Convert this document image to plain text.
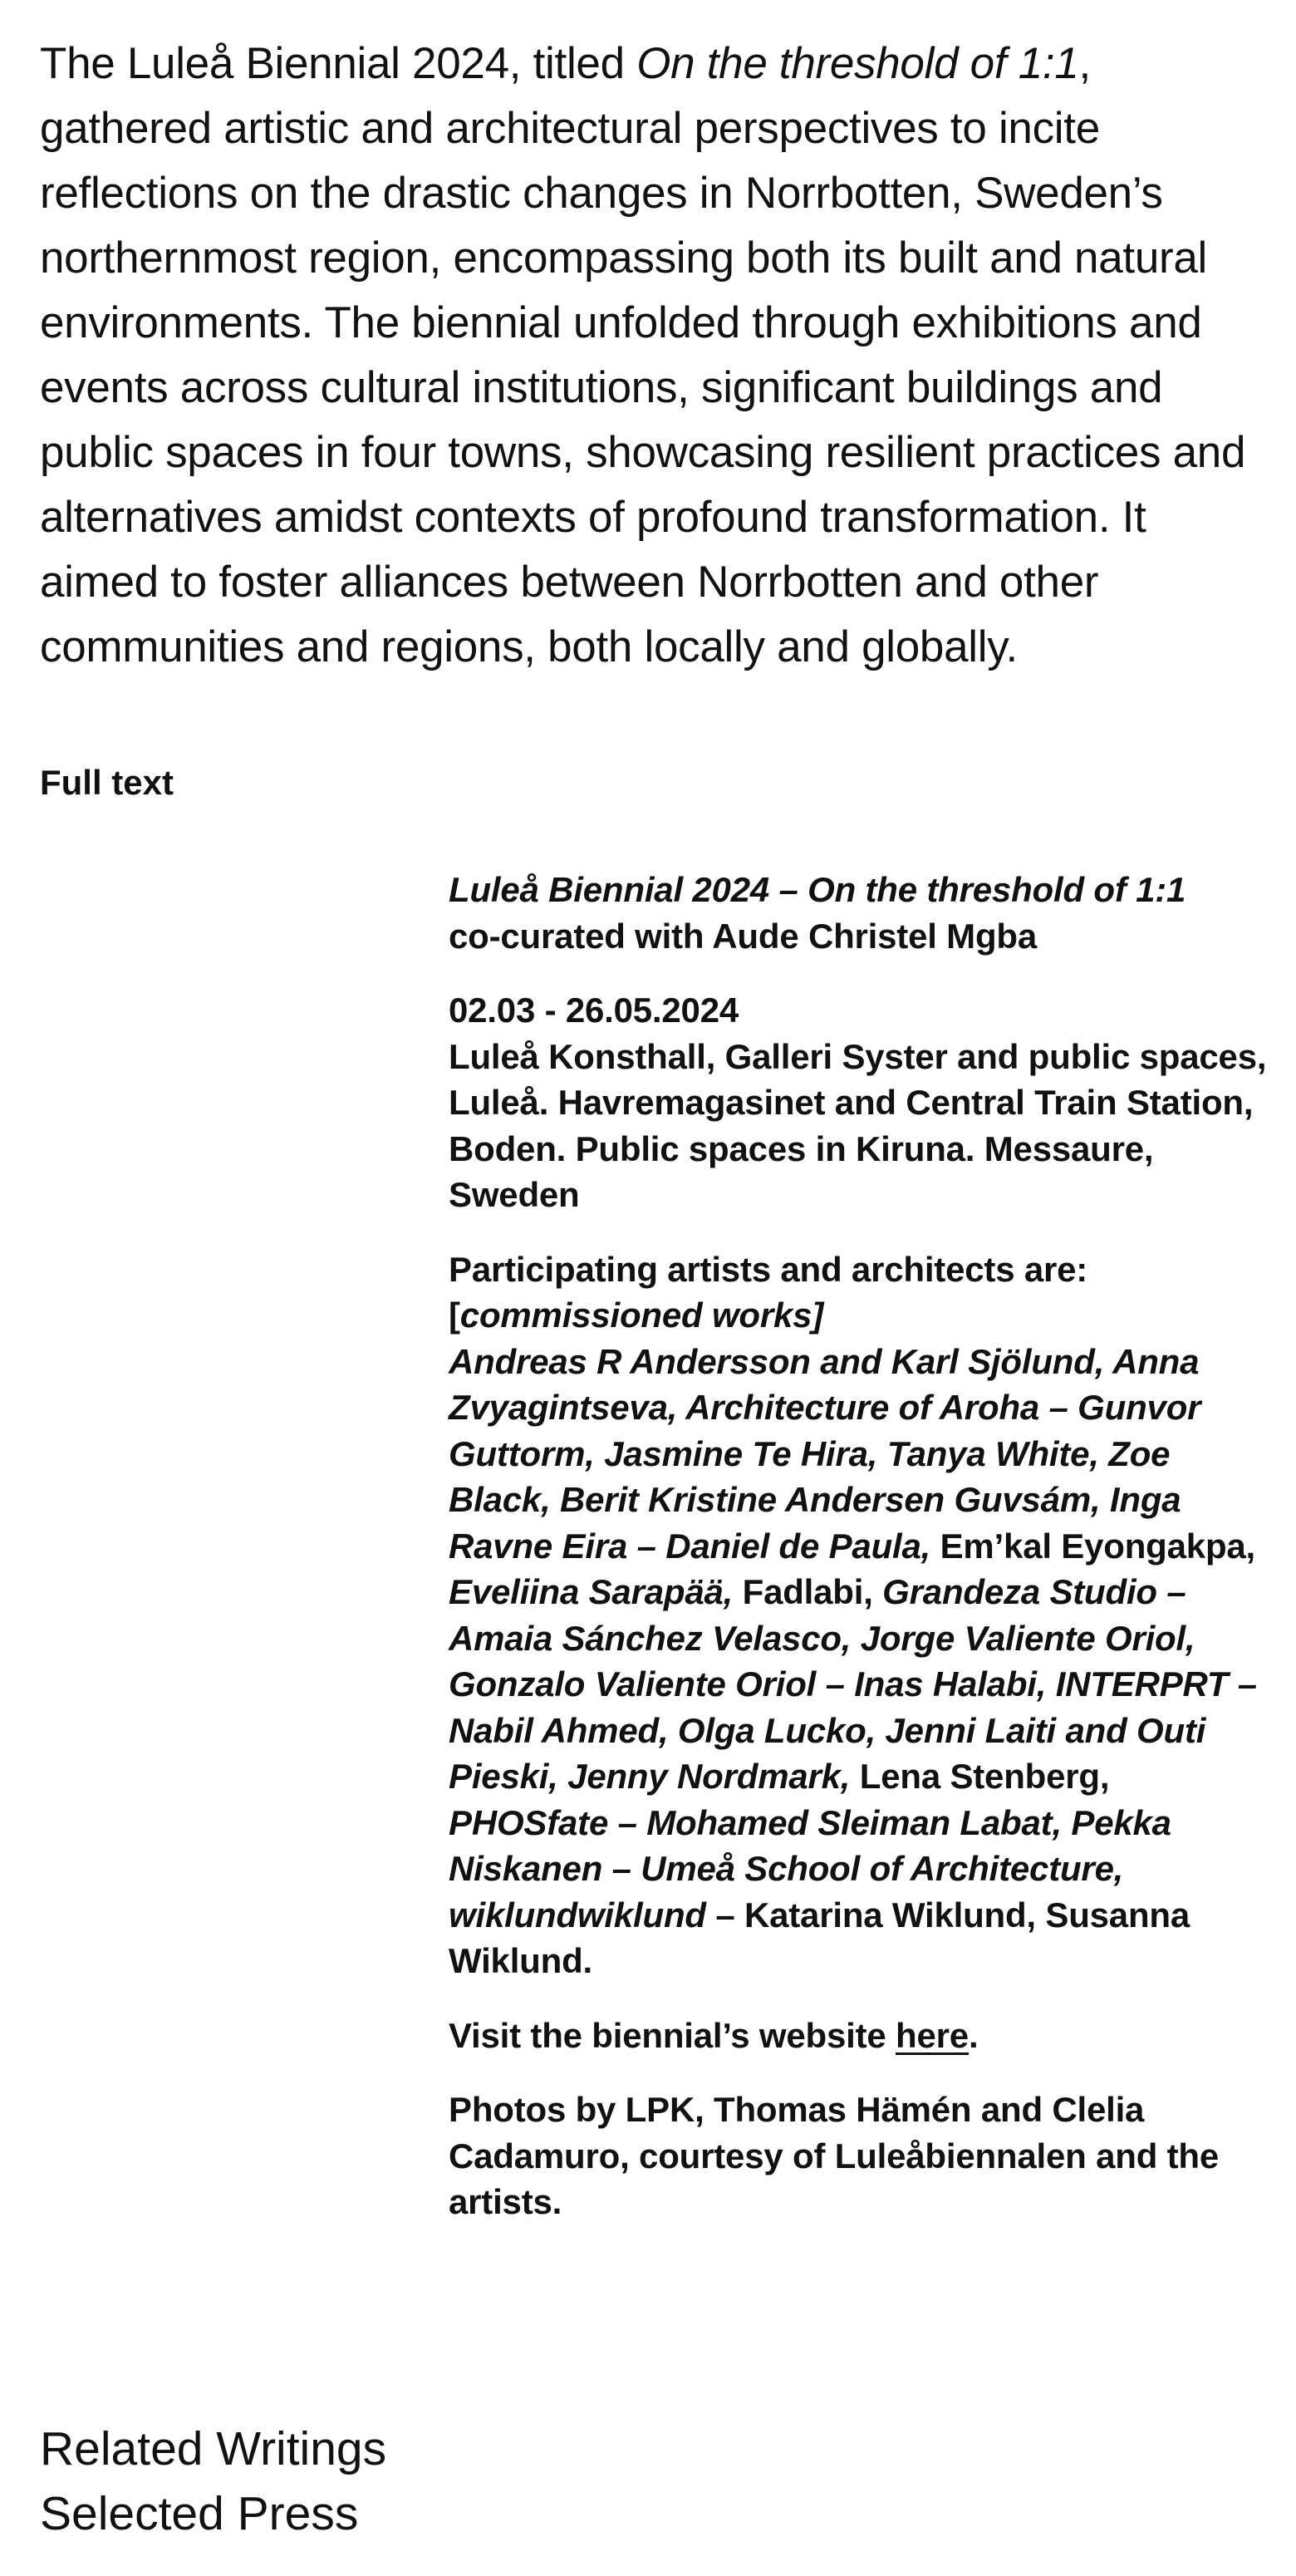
The Luleå Biennial 2024, titled On the threshold of 1:1, gathered artistic and architectural perspectives to incite reflections on the drastic changes in Norrbotten, Sweden’s northernmost region, encompassing both its built and natural environments. The biennial unfolded through exhibitions and events across cultural institutions, significant buildings and public spaces in four towns, showcasing resilient practices and alternatives amidst contexts of profound transformation. It aimed to foster alliances between Norrbotten and other communities and regions, both locally and globally.

Full text

Luleå Biennial 2024 – On the threshold of 1:1
co-curated with Aude Christel Mgba

02.03 - 26.05.2024
Luleå Konsthall, Galleri Syster and public spaces, Luleå. Havremagasinet and Central Train Station, Boden. Public spaces in Kiruna. Messaure, Sweden

Participating artists and architects are:
[commissioned works]
Andreas R Andersson and Karl Sjölund, Anna Zvyagintseva, Architecture of Aroha – Gunvor Guttorm, Jasmine Te Hira, Tanya White, Zoe Black, Berit Kristine Andersen Guvsám, Inga Ravne Eira – Daniel de Paula, Em’kal Eyongakpa, Eveliina Sarapää, Fadlabi, Grandeza Studio – Amaia Sánchez Velasco, Jorge Valiente Oriol, Gonzalo Valiente Oriol – Inas Halabi, INTERPRT – Nabil Ahmed, Olga Lucko, Jenni Laiti and Outi Pieski, Jenny Nordmark, Lena Stenberg, PHOSfate – Mohamed Sleiman Labat, Pekka Niskanen – Umeå School of Architecture, wiklundwiklund – Katarina Wiklund, Susanna Wiklund.

Visit the biennial’s website here.

Photos by LPK, Thomas Hämén and Clelia Cadamuro, courtesy of Luleåbiennalen and the artists.

Related Writings
Selected Press
